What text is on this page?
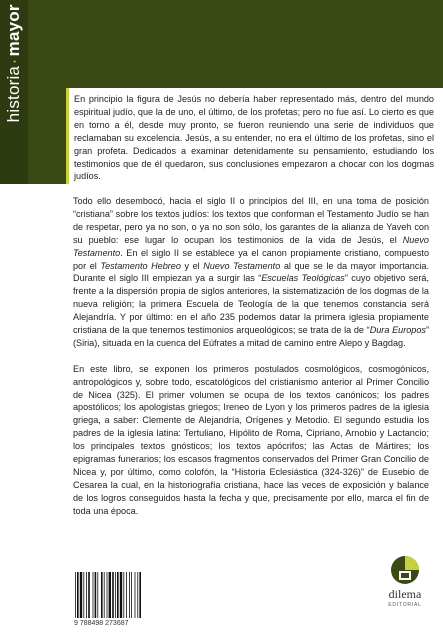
historia
·
mayor
En principio la figura de Jesús no debería haber representado más, dentro del mundo espiritual judío, que la de uno, el último, de los profetas; pero no fue así. Lo cierto es que en torno a él, desde muy pronto, se fueron reuniendo una serie de individuos que reclamaban su excelencia. Jesús, a su entender, no era el último de los profetas, sino el gran profeta. Dedicados a examinar detenidamente su pensamiento, estudiando los testimonios que de él quedaron, sus conclusiones empezaron a chocar con los dogmas judíos.

Todo ello desembocó, hacia el siglo II o principios del III, en una toma de posición “cristiana” sobre los textos judíos: los textos que conforman el Testamento Judío se han de respetar, pero ya no son, o ya no son sólo, los garantes de la alianza de Yaveh con su pueblo: ese lugar lo ocupan los testimonios de la vida de Jesús, el Nuevo Testamento. En el siglo II se establece ya el canon propiamente cristiano, compuesto por el Testamento Hebreo y el Nuevo Testamento al que se le da mayor importancia. Durante el siglo III empiezan ya a surgir las “Escuelas Teológicas” cuyo objetivo será, frente a la dispersión propia de siglos anteriores, la sistematización de los dogmas de la nueva religión; la primera Escuela de Teología de la que tenemos constancia será Alejandría. Y por último: en el año 235 podemos datar la primera iglesia propiamente cristiana de la que tenemos testimonios arqueológicos; se trata de la de “Dura Europos” (Siria), situada en la cuenca del Eúfrates a mitad de camino entre Alepo y Bagdag.

En este libro, se exponen los primeros postulados cosmológicos, cosmogónicos, antropológicos y, sobre todo, escatológicos del cristianismo anterior al Primer Concilio de Nicea (325). El primer volumen se ocupa de los textos canónicos; los padres apostólicos; los apologistas griegos; Ireneo de Lyon y los primeros padres de la iglesia griega, a saber: Clemente de Alejandría, Orígenes y Metodio. El segundo estudia los padres de la iglesia latina: Tertuliano, Hipólito de Roma, Cipriano, Arnobio y Lactancio; los principales textos gnósticos; los textos apócrifos; las Actas de Mártires; los epigramas funerarios; los escasos fragmentos conservados del Primer Gran Concilio de Nicea y, por último, como colofón, la “Historia Eclesiástica (324-326)” de Eusebio de Cesarea la cual, en la historiografía cristiana, hace las veces de exposición y balance de los logros conseguidos hasta la fecha y que, precisamente por ello, marca el fin de toda una época.

9 788498 273687
dilema
EDITORIAL
